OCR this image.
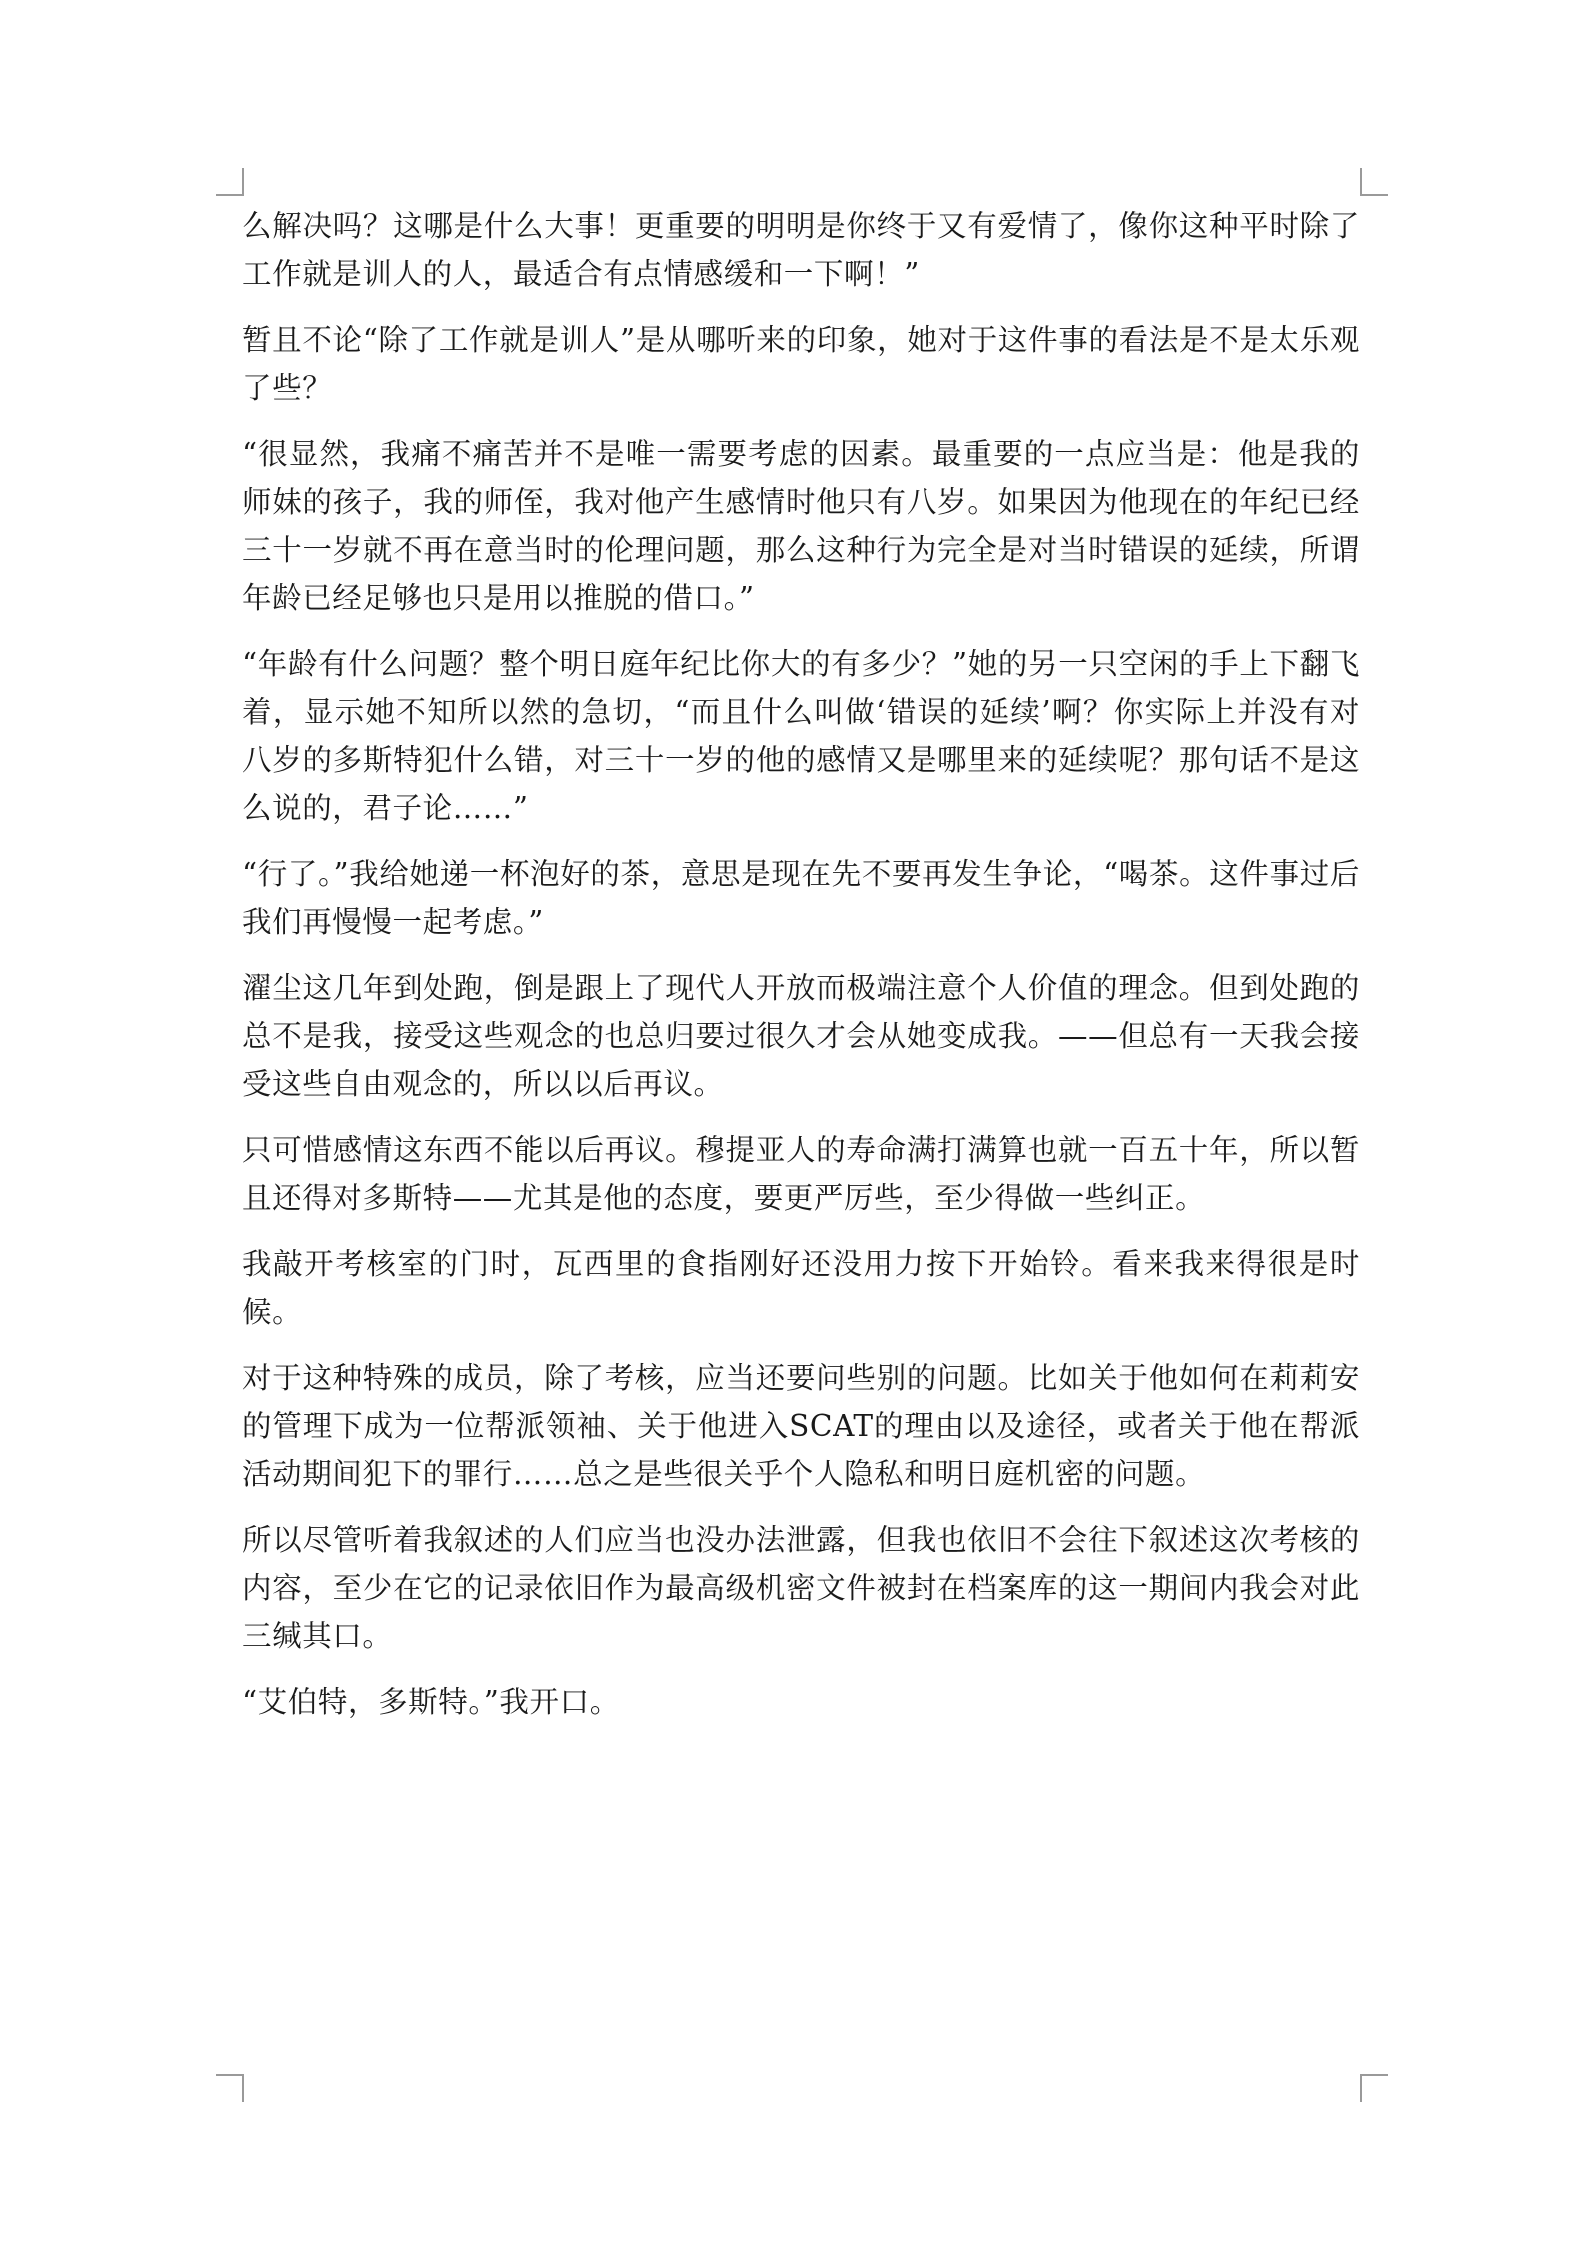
么解决吗？这哪是什么大事！更重要的明明是你终于又有爱情了，像你这种平时除了工作就是训人的人，最适合有点情感缓和一下啊！”

暂且不论“除了工作就是训人”是从哪听来的印象，她对于这件事的看法是不是太乐观了些？

“很显然，我痛不痛苦并不是唯一需要考虑的因素。最重要的一点应当是：他是我的师妹的孩子，我的师侄，我对他产生感情时他只有八岁。如果因为他现在的年纪已经三十一岁就不再在意当时的伦理问题，那么这种行为完全是对当时错误的延续，所谓年龄已经足够也只是用以推脱的借口。”

“年龄有什么问题？整个明日庭年纪比你大的有多少？”她的另一只空闲的手上下翻飞着，显示她不知所以然的急切，“而且什么叫做‘错误的延续’啊？你实际上并没有对八岁的多斯特犯什么错，对三十一岁的他的感情又是哪里来的延续呢？那句话不是这么说的，君子论……”

“行了。”我给她递一杯泡好的茶，意思是现在先不要再发生争论，“喝茶。这件事过后我们再慢慢一起考虑。”

濯尘这几年到处跑，倒是跟上了现代人开放而极端注意个人价值的理念。但到处跑的总不是我，接受这些观念的也总归要过很久才会从她变成我。——但总有一天我会接受这些自由观念的，所以以后再议。

只可惜感情这东西不能以后再议。穆提亚人的寿命满打满算也就一百五十年，所以暂且还得对多斯特——尤其是他的态度，要更严厉些，至少得做一些纠正。

我敲开考核室的门时，瓦西里的食指刚好还没用力按下开始铃。看来我来得很是时候。

对于这种特殊的成员，除了考核，应当还要问些别的问题。比如关于他如何在莉莉安的管理下成为一位帮派领袖、关于他进入SCAT的理由以及途径，或者关于他在帮派活动期间犯下的罪行……总之是些很关乎个人隐私和明日庭机密的问题。

所以尽管听着我叙述的人们应当也没办法泄露，但我也依旧不会往下叙述这次考核的内容，至少在它的记录依旧作为最高级机密文件被封在档案库的这一期间内我会对此三缄其口。

“艾伯特，多斯特。”我开口。
